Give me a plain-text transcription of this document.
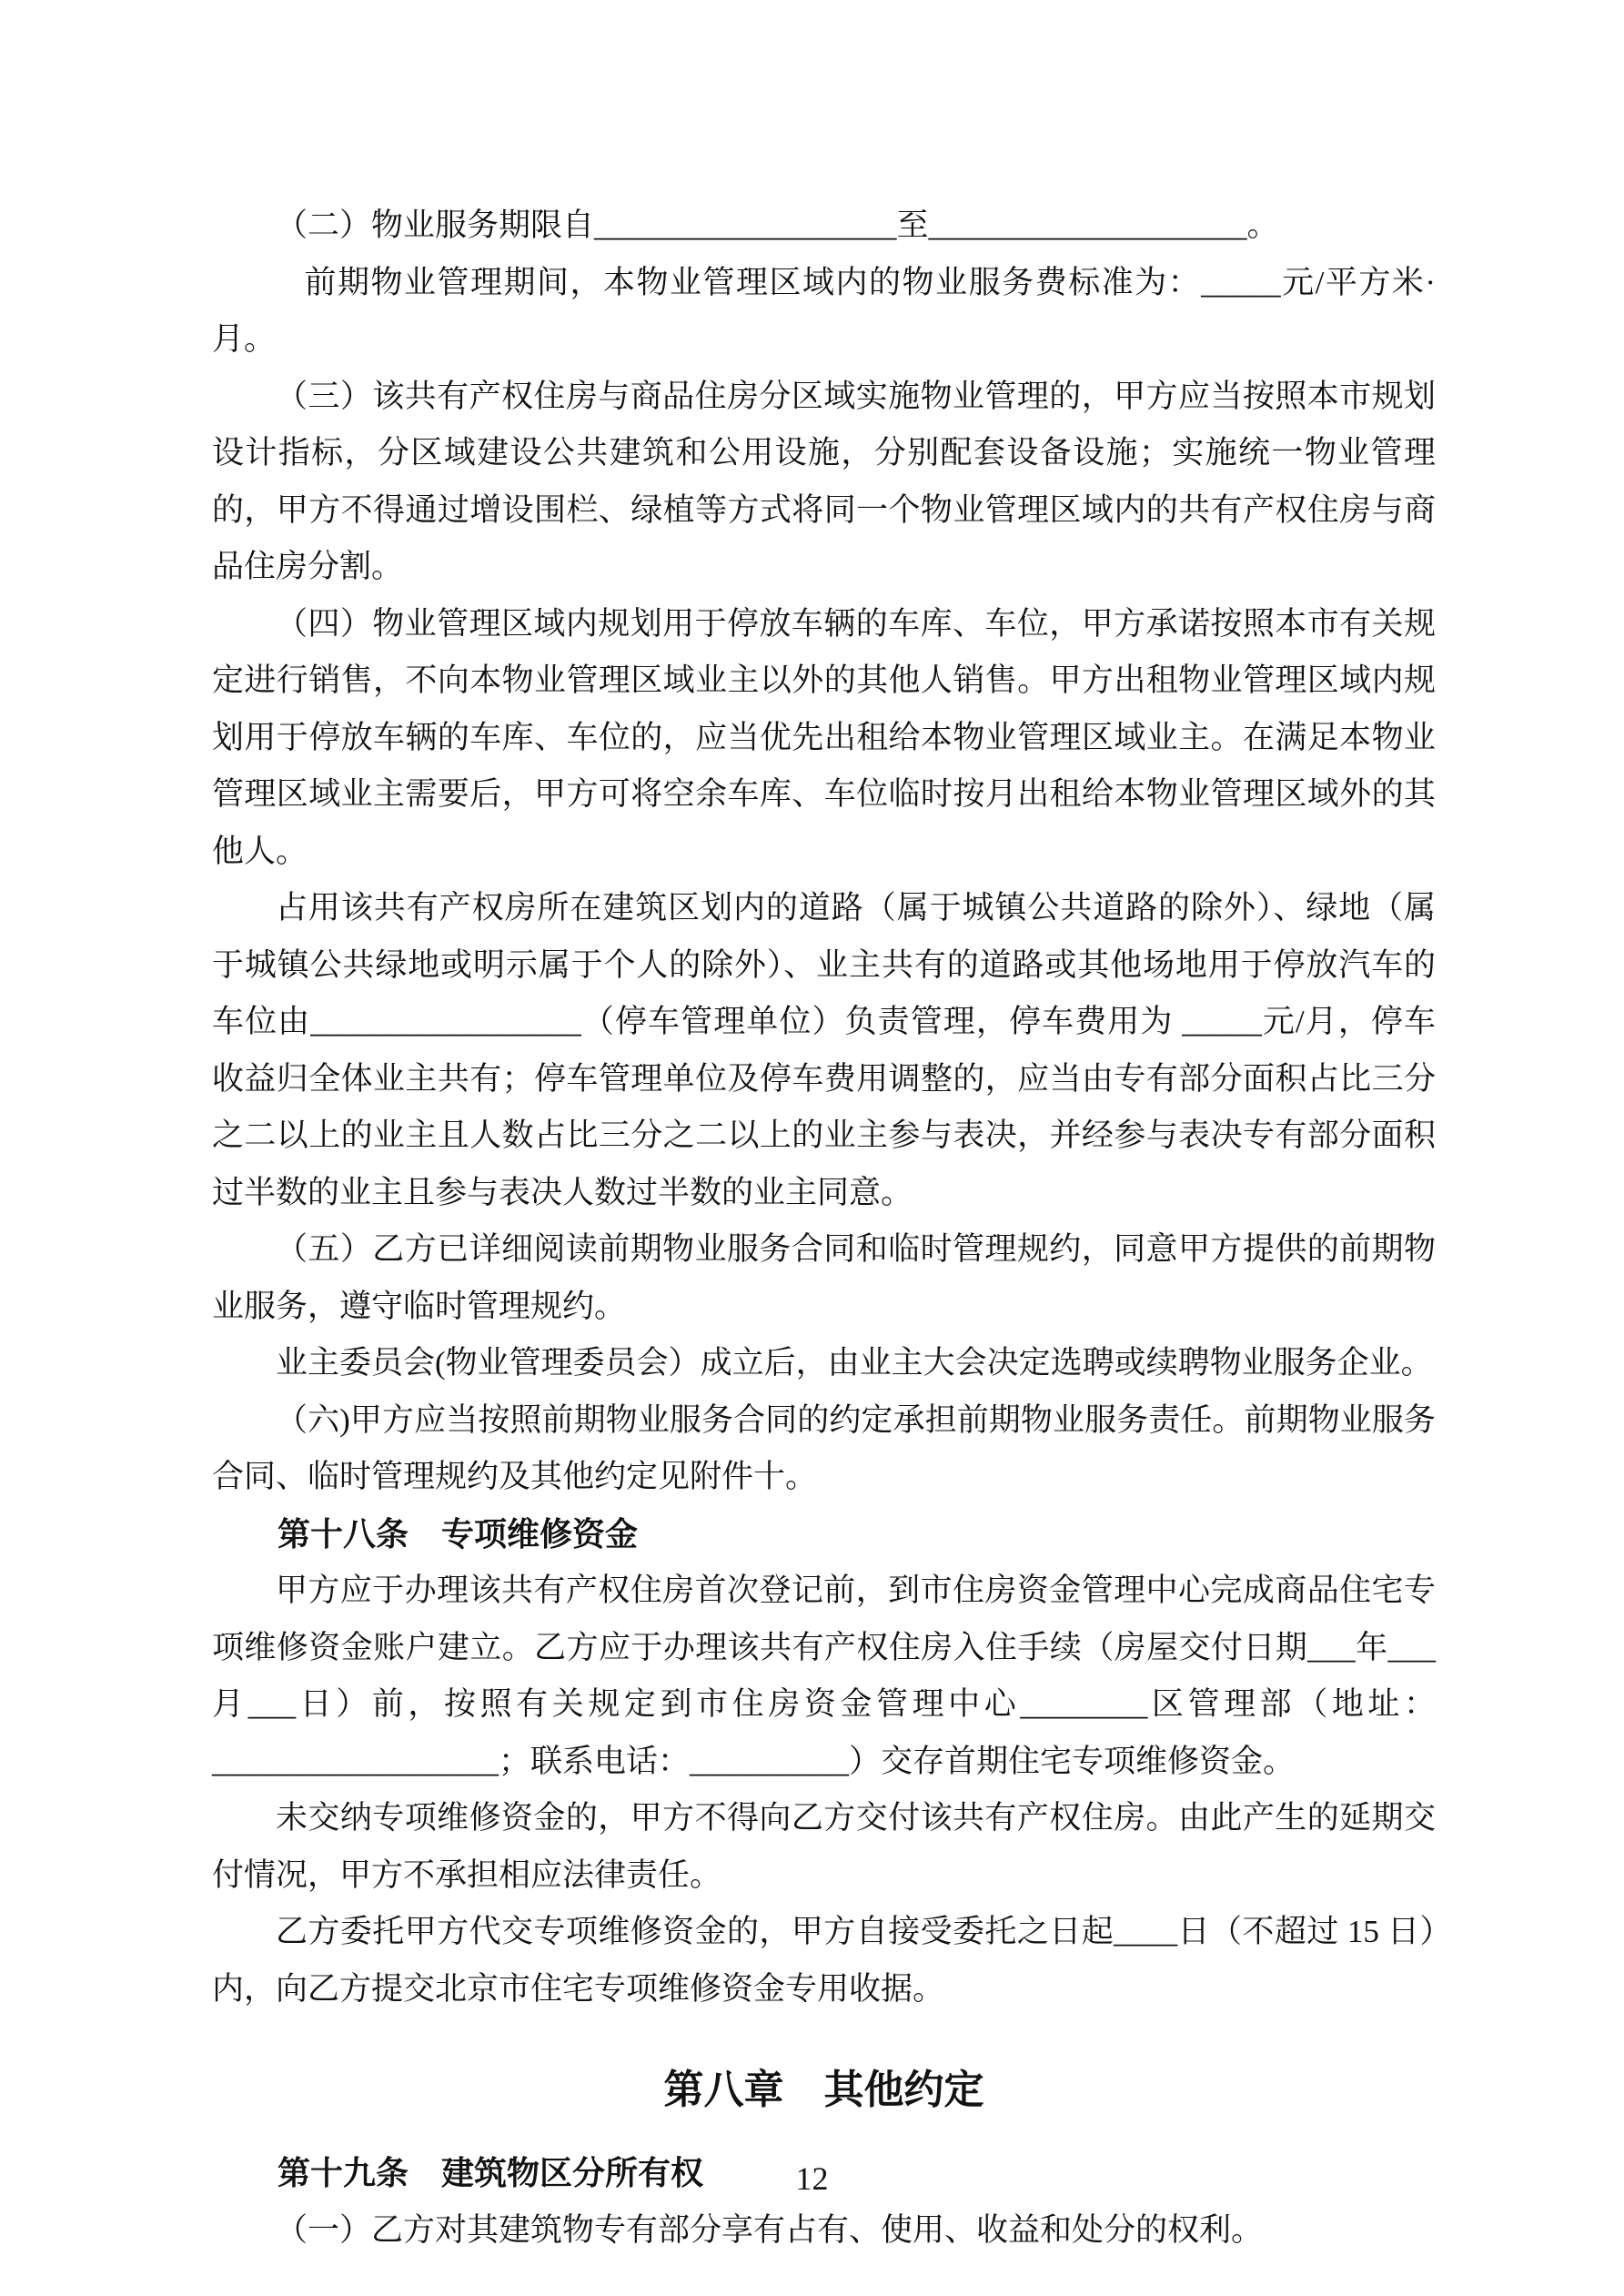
（二）物业服务期限自___________________至____________________。

前期物业管理期间，本物业管理区域内的物业服务费标准为：_____元/平方米·月。

（三）该共有产权住房与商品住房分区域实施物业管理的，甲方应当按照本市规划设计指标，分区域建设公共建筑和公用设施，分别配套设备设施；实施统一物业管理的，甲方不得通过增设围栏、绿植等方式将同一个物业管理区域内的共有产权住房与商品住房分割。

（四）物业管理区域内规划用于停放车辆的车库、车位，甲方承诺按照本市有关规定进行销售，不向本物业管理区域业主以外的其他人销售。甲方出租物业管理区域内规划用于停放车辆的车库、车位的，应当优先出租给本物业管理区域业主。在满足本物业管理区域业主需要后，甲方可将空余车库、车位临时按月出租给本物业管理区域外的其他人。

占用该共有产权房所在建筑区划内的道路（属于城镇公共道路的除外）、绿地（属于城镇公共绿地或明示属于个人的除外）、业主共有的道路或其他场地用于停放汽车的车位由_________________（停车管理单位）负责管理，停车费用为 _____元/月，停车收益归全体业主共有；停车管理单位及停车费用调整的，应当由专有部分面积占比三分之二以上的业主且人数占比三分之二以上的业主参与表决，并经参与表决专有部分面积过半数的业主且参与表决人数过半数的业主同意。

（五）乙方已详细阅读前期物业服务合同和临时管理规约，同意甲方提供的前期物业服务，遵守临时管理规约。

业主委员会(物业管理委员会）成立后，由业主大会决定选聘或续聘物业服务企业。

（六)甲方应当按照前期物业服务合同的约定承担前期物业服务责任。前期物业服务合同、临时管理规约及其他约定见附件十。

第十八条　专项维修资金

甲方应于办理该共有产权住房首次登记前，到市住房资金管理中心完成商品住宅专项维修资金账户建立。乙方应于办理该共有产权住房入住手续（房屋交付日期___年___月___日）前，按照有关规定到市住房资金管理中心________区管理部（地址：__________________；联系电话：__________）交存首期住宅专项维修资金。

未交纳专项维修资金的，甲方不得向乙方交付该共有产权住房。由此产生的延期交付情况，甲方不承担相应法律责任。

乙方委托甲方代交专项维修资金的，甲方自接受委托之日起____日（不超过 15 日）内，向乙方提交北京市住宅专项维修资金专用收据。

第八章　其他约定
第十九条　建筑物区分所有权

（一）乙方对其建筑物专有部分享有占有、使用、收益和处分的权利。

12
